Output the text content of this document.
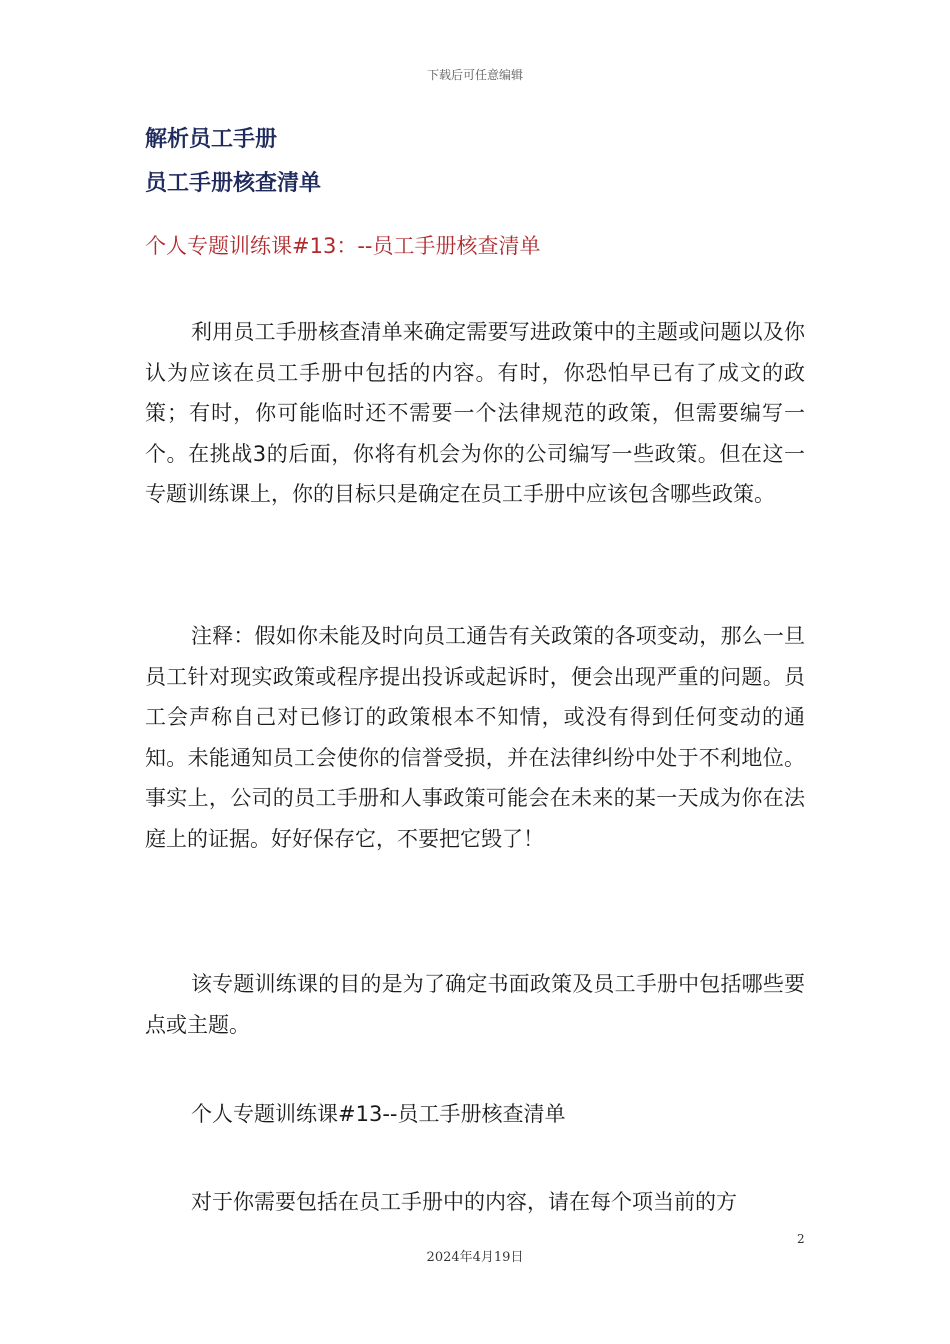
下载后可任意编辑
解析员工手册
员工手册核查清单
个人专题训练课#13：--员工手册核查清单

利用员工手册核查清单来确定需要写进政策中的主题或问题以及你认为应该在员工手册中包括的内容。有时，你恐怕早已有了成文的政策；有时，你可能临时还不需要一个法律规范的政策，但需要编写一个。在挑战3的后面，你将有机会为你的公司编写一些政策。但在这一专题训练课上，你的目标只是确定在员工手册中应该包含哪些政策。

注释：假如你未能及时向员工通告有关政策的各项变动，那么一旦员工针对现实政策或程序提出投诉或起诉时，便会出现严重的问题。员工会声称自己对已修订的政策根本不知情，或没有得到任何变动的通知。未能通知员工会使你的信誉受损，并在法律纠纷中处于不利地位。事实上，公司的员工手册和人事政策可能会在未来的某一天成为你在法庭上的证据。好好保存它，不要把它毁了！

该专题训练课的目的是为了确定书面政策及员工手册中包括哪些要点或主题。

个人专题训练课#13--员工手册核查清单

对于你需要包括在员工手册中的内容，请在每个项当前的方

2
2024年4月19日
